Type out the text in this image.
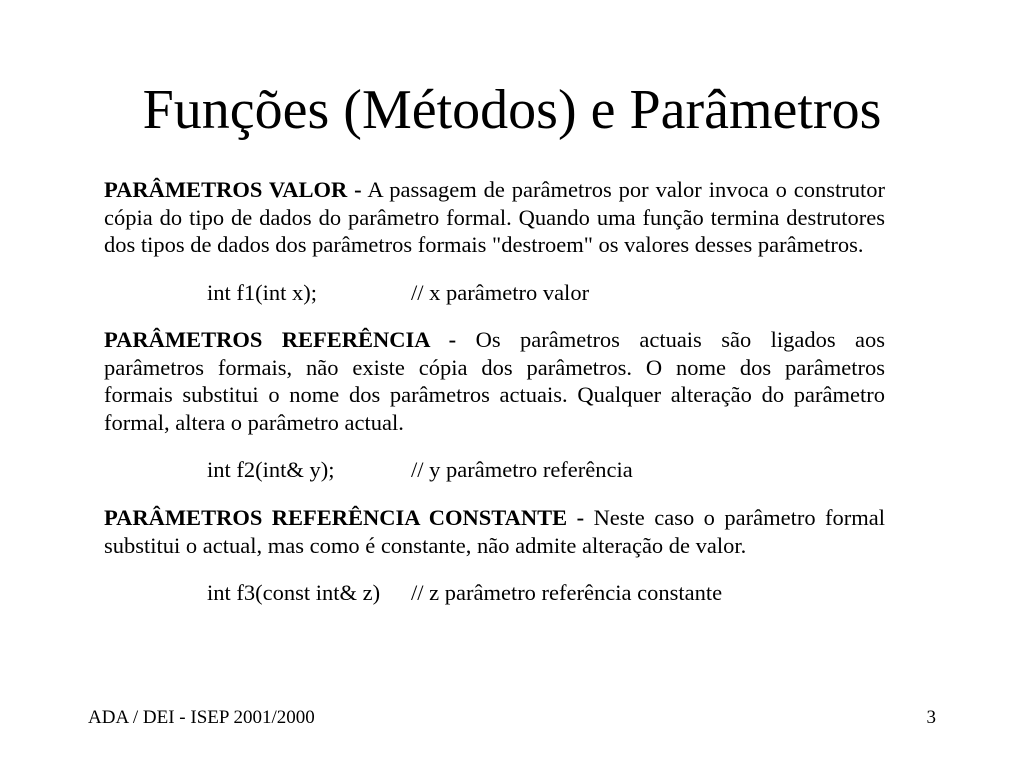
Funções (Métodos) e Parâmetros
PARÂMETROS VALOR - A passagem de parâmetros por valor invoca o construtor
cópia do tipo de dados do parâmetro formal. Quando uma função termina destrutores
dos tipos de dados dos parâmetros formais "destroem" os valores desses parâmetros.
int f1(int x);	// x parâmetro valor
PARÂMETROS REFERÊNCIA - Os parâmetros actuais são ligados aos
parâmetros formais, não existe cópia dos parâmetros. O nome dos parâmetros
formais substitui o nome dos parâmetros actuais. Qualquer alteração do parâmetro
formal, altera o parâmetro actual.
int f2(int& y);	// y parâmetro referência
PARÂMETROS REFERÊNCIA CONSTANTE - Neste caso o parâmetro formal
substitui o actual, mas como é constante, não admite alteração de valor.
int f3(const int& z) // z parâmetro referência constante
ADA / DEI - ISEP 2001/2000	3
